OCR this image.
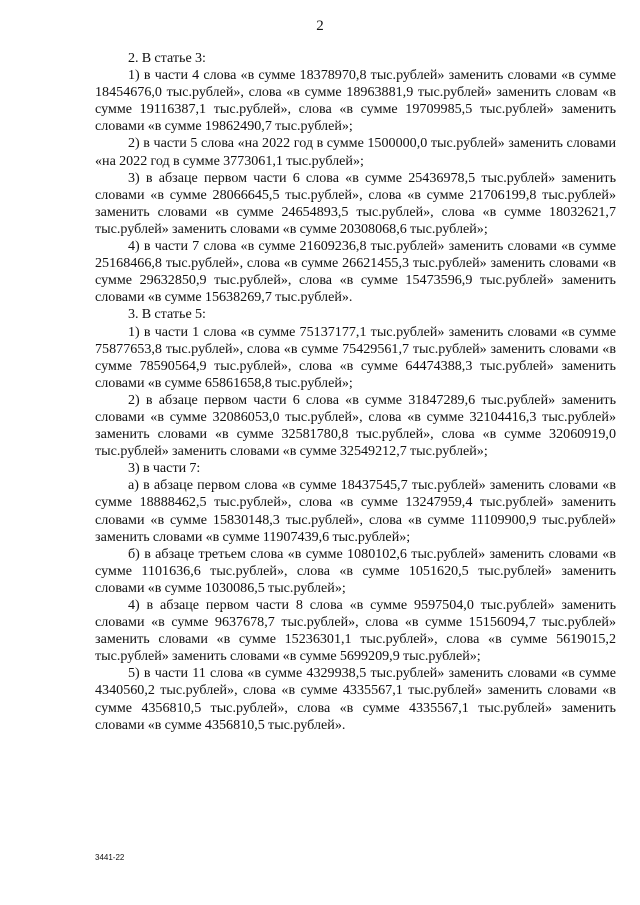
2

2. В статье 3:

1) в части 4 слова «в сумме 18378970,8 тыс.рублей» заменить словами «в сумме 18454676,0 тыс.рублей», слова «в сумме 18963881,9 тыс.рублей» заменить словам «в сумме 19116387,1 тыс.рублей», слова «в сумме 19709985,5 тыс.рублей» заменить словами «в сумме 19862490,7 тыс.рублей»;

2) в части 5 слова «на 2022 год в сумме 1500000,0 тыс.рублей» заменить словами «на 2022 год в сумме 3773061,1 тыс.рублей»;

3) в абзаце первом части 6 слова «в сумме 25436978,5 тыс.рублей» заменить словами «в сумме 28066645,5 тыс.рублей», слова «в сумме 21706199,8 тыс.рублей» заменить словами «в сумме 24654893,5 тыс.рублей», слова «в сумме 18032621,7 тыс.рублей» заменить словами «в сумме 20308068,6 тыс.рублей»;

4) в части 7 слова «в сумме 21609236,8 тыс.рублей» заменить словами «в сумме 25168466,8 тыс.рублей», слова «в сумме 26621455,3 тыс.рублей» заменить словами «в сумме 29632850,9 тыс.рублей», слова «в сумме 15473596,9 тыс.рублей» заменить словами «в сумме 15638269,7 тыс.рублей».

3. В статье 5:

1) в части 1 слова «в сумме 75137177,1 тыс.рублей» заменить словами «в сумме 75877653,8 тыс.рублей», слова «в сумме 75429561,7 тыс.рублей» заменить словами «в сумме 78590564,9 тыс.рублей», слова «в сумме 64474388,3 тыс.рублей» заменить словами «в сумме 65861658,8 тыс.рублей»;

2) в абзаце первом части 6 слова «в сумме 31847289,6 тыс.рублей» заменить словами «в сумме 32086053,0 тыс.рублей», слова «в сумме 32104416,3 тыс.рублей» заменить словами «в сумме 32581780,8 тыс.рублей», слова «в сумме 32060919,0 тыс.рублей» заменить словами «в сумме 32549212,7 тыс.рублей»;

3) в части 7:

а) в абзаце первом слова «в сумме 18437545,7 тыс.рублей» заменить словами «в сумме 18888462,5 тыс.рублей», слова «в сумме 13247959,4 тыс.рублей» заменить словами «в сумме 15830148,3 тыс.рублей», слова «в сумме 11109900,9 тыс.рублей» заменить словами «в сумме 11907439,6 тыс.рублей»;

б) в абзаце третьем слова «в сумме 1080102,6 тыс.рублей» заменить словами «в сумме 1101636,6 тыс.рублей», слова «в сумме 1051620,5 тыс.рублей» заменить словами «в сумме 1030086,5 тыс.рублей»;

4) в абзаце первом части 8 слова «в сумме 9597504,0 тыс.рублей» заменить словами «в сумме 9637678,7 тыс.рублей», слова «в сумме 15156094,7 тыс.рублей» заменить словами «в сумме 15236301,1 тыс.рублей», слова «в сумме 5619015,2 тыс.рублей» заменить словами «в сумме 5699209,9 тыс.рублей»;

5) в части 11 слова «в сумме 4329938,5 тыс.рублей» заменить словами «в сумме 4340560,2 тыс.рублей», слова «в сумме 4335567,1 тыс.рублей» заменить словами «в сумме 4356810,5 тыс.рублей», слова «в сумме 4335567,1 тыс.рублей» заменить словами «в сумме 4356810,5 тыс.рублей».

3441-22
